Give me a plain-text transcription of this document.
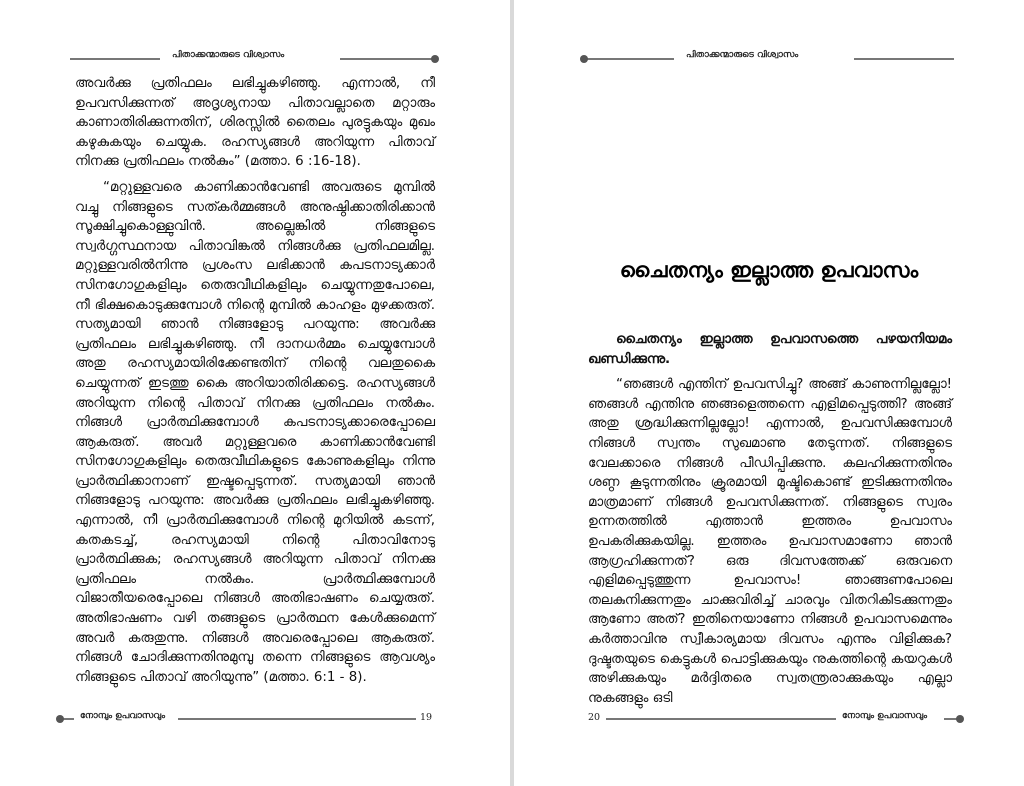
പിതാക്കന്മാരുടെ വിശ്വാസം

അവർക്കു പ്രതിഫലം ലഭിച്ചുകഴിഞ്ഞു. എന്നാൽ, നീ ഉപവസിക്കുന്നത് അദൃശ്യനായ പിതാവല്ലാതെ മറ്റാരും കാണാതിരിക്കുന്നതിന്, ശിരസ്സിൽ തൈലം പുരട്ടുകയും മുഖം കഴുകുകയും ചെയ്യുക. രഹസ്യങ്ങൾ അറിയുന്ന പിതാവ് നിനക്കു പ്രതിഫലം നൽകും” (മത്താ. 6 :16-18).

“മറ്റുള്ളവരെ കാണിക്കാൻവേണ്ടി അവരുടെ മുമ്പിൽ വച്ചു നിങ്ങളുടെ സത്കർമ്മങ്ങൾ അനുഷ്ഠിക്കാതിരിക്കാൻ സൂക്ഷിച്ചുകൊള്ളുവിൻ. അല്ലെങ്കിൽ നിങ്ങളുടെ സ്വർഗ്ഗസ്ഥനായ പിതാവിങ്കൽ നിങ്ങൾക്കു പ്രതിഫലമില്ല. മറ്റുള്ളവരിൽനിന്നു പ്രശംസ ലഭിക്കാൻ കപടനാട്യക്കാർ സിനഗോഗുകളിലും തെരുവീഥികളിലും ചെയ്യുന്നതുപോലെ, നീ ഭിക്ഷകൊടുക്കുമ്പോൾ നിന്റെ മുമ്പിൽ കാഹളം മുഴക്കരുത്. സത്യമായി ഞാൻ നിങ്ങളോടു പറയുന്നു: അവർക്കു പ്രതിഫലം ലഭിച്ചുകഴിഞ്ഞു. നീ ദാനധർമ്മം ചെയ്യുമ്പോൾ അതു രഹസ്യമായിരിക്കേണ്ടതിന് നിന്റെ വലതുകൈ ചെയ്യുന്നത് ഇടത്തു കൈ അറിയാതിരിക്കട്ടെ. രഹസ്യങ്ങൾ അറിയുന്ന നിന്റെ പിതാവ് നിനക്കു പ്രതിഫലം നൽകും. നിങ്ങൾ പ്രാർത്ഥിക്കുമ്പോൾ കപടനാട്യക്കാരെപ്പോലെ ആകരുത്. അവർ മറ്റുള്ളവരെ കാണിക്കാൻവേണ്ടി സിനഗോഗുകളിലും തെരുവീഥികളുടെ കോണുകളിലും നിന്നു പ്രാർത്ഥിക്കാനാണ് ഇഷ്ടപ്പെടുന്നത്. സത്യമായി ഞാൻ നിങ്ങളോടു പറയുന്നു: അവർക്കു പ്രതിഫലം ലഭിച്ചുകഴിഞ്ഞു. എന്നാൽ, നീ പ്രാർത്ഥിക്കുമ്പോൾ നിന്റെ മുറിയിൽ കടന്ന്, കതകടച്ച്, രഹസ്യമായി നിന്റെ പിതാവിനോടു പ്രാർത്ഥിക്കുക; രഹസ്യങ്ങൾ അറിയുന്ന പിതാവ് നിനക്കു പ്രതിഫലം നൽകും. പ്രാർത്ഥിക്കുമ്പോൾ വിജാതീയരെപ്പോലെ നിങ്ങൾ അതിഭാഷണം ചെയ്യരുത്. അതിഭാഷണം വഴി തങ്ങളുടെ പ്രാർത്ഥന കേൾക്കുമെന്ന് അവർ കരുതുന്നു. നിങ്ങൾ അവരെപ്പോലെ ആകരുത്. നിങ്ങൾ ചോദിക്കുന്നതിനുമുമ്പു തന്നെ നിങ്ങളുടെ ആവശ്യം നിങ്ങളുടെ പിതാവ് അറിയുന്നു” (മത്താ. 6:1 - 8).

നോമ്പും ഉപവാസവും	19
പിതാക്കന്മാരുടെ വിശ്വാസം
ചൈതന്യം ഇല്ലാത്ത ഉപവാസം

ചൈതന്യം ഇല്ലാത്ത ഉപവാസത്തെ പഴയനിയമം ഖണ്ഡിക്കുന്നു.

“ഞങ്ങൾ എന്തിന് ഉപവസിച്ചു? അങ്ങ് കാണുന്നില്ലല്ലോ! ഞങ്ങൾ എന്തിനു ഞങ്ങളെത്തന്നെ എളിമപ്പെടുത്തി? അങ്ങ് അതു ശ്രദ്ധിക്കുന്നില്ലല്ലോ! എന്നാൽ, ഉപവസിക്കുമ്പോൾ നിങ്ങൾ സ്വന്തം സുഖമാണു തേടുന്നത്. നിങ്ങളുടെ വേലക്കാരെ നിങ്ങൾ പീഡിപ്പിക്കുന്നു. കലഹിക്കുന്നതിനും ശണ്ഠ കൂടുന്നതിനും ക്രൂരമായി മുഷ്ടികൊണ്ട് ഇടിക്കുന്നതിനും മാത്രമാണ് നിങ്ങൾ ഉപവസിക്കുന്നത്. നിങ്ങളുടെ സ്വരം ഉന്നതത്തിൽ എത്താൻ ഇത്തരം ഉപവാസം ഉപകരിക്കുകയില്ല. ഇത്തരം ഉപവാസമാണോ ഞാൻ ആഗ്രഹിക്കുന്നത്? ഒരു ദിവസത്തേക്ക് ഒരുവനെ എളിമപ്പെടുത്തുന്ന ഉപവാസം! ഞാങ്ങണപോലെ തലകുനിക്കുന്നതും ചാക്കുവിരിച്ച് ചാരവും വിതറികിടക്കുന്നതും ആണോ അത്? ഇതിനെയാണോ നിങ്ങൾ ഉപവാസമെന്നും കർത്താവിനു സ്വീകാര്യമായ ദിവസം എന്നും വിളിക്കുക? ദുഷ്ടതയുടെ കെട്ടുകൾ പൊട്ടിക്കുകയും നുകത്തിന്റെ കയറുകൾ അഴിക്കുകയും മർദ്ദിതരെ സ്വതന്ത്രരാക്കുകയും എല്ലാ നുകങ്ങളും ഒടി

20	നോമ്പും ഉപവാസവും
